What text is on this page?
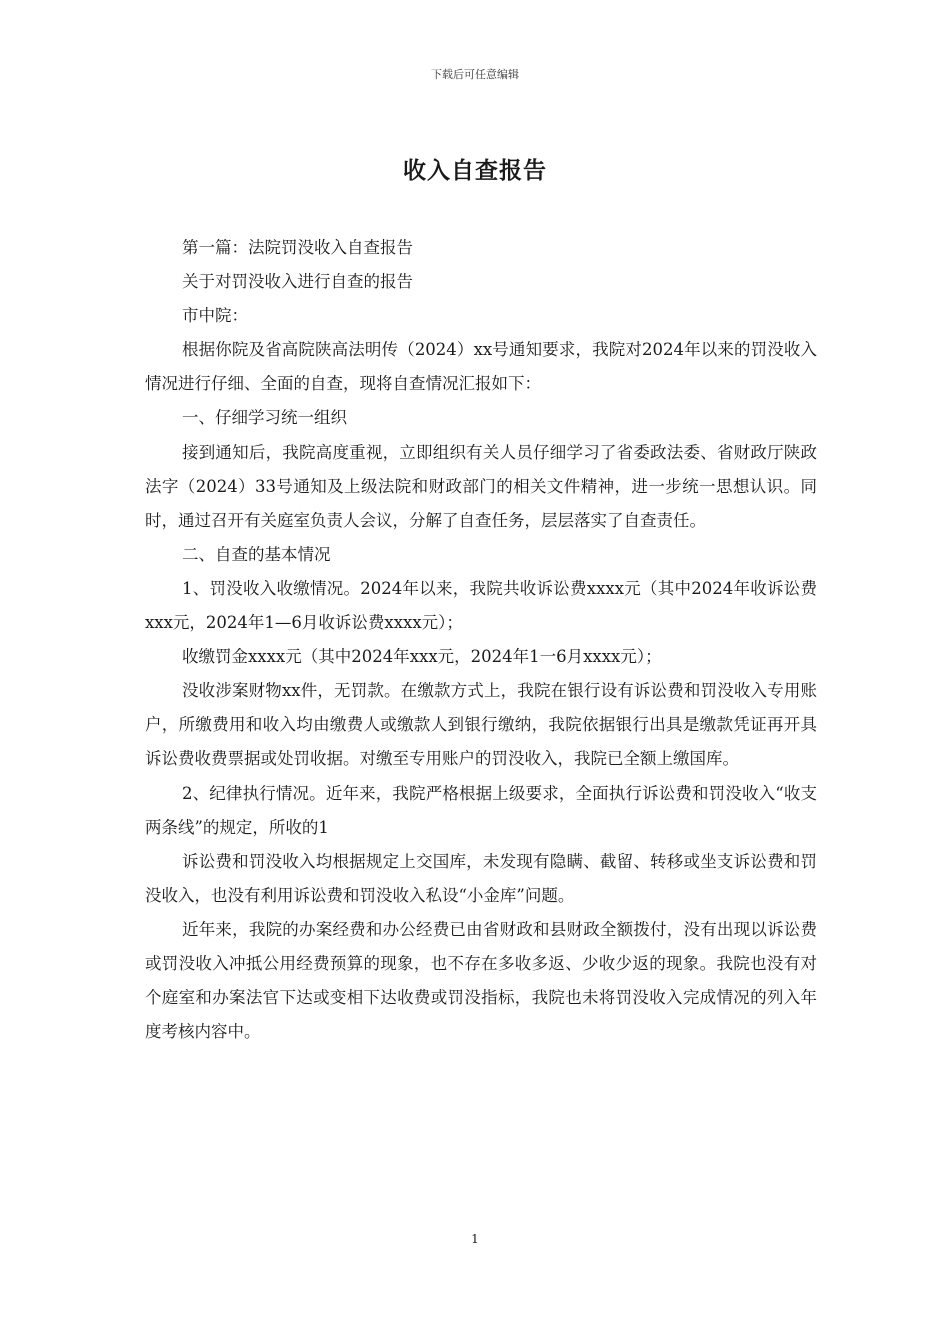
下载后可任意编辑
收入自查报告

第一篇：法院罚没收入自查报告

关于对罚没收入进行自查的报告

市中院：

根据你院及省高院陕高法明传（2024）xx号通知要求，我院对2024年以来的罚没收入情况进行仔细、全面的自查，现将自查情况汇报如下：

一、仔细学习统一组织

接到通知后，我院高度重视，立即组织有关人员仔细学习了省委政法委、省财政厅陕政法字（2024）33号通知及上级法院和财政部门的相关文件精神，进一步统一思想认识。同时，通过召开有关庭室负责人会议，分解了自查任务，层层落实了自查责任。

二、自查的基本情况

1、罚没收入收缴情况。2024年以来，我院共收诉讼费xxxx元（其中2024年收诉讼费xxx元，2024年1—6月收诉讼费xxxx元）；

收缴罚金xxxx元（其中2024年xxx元，2024年1一6月xxxx元）；

没收涉案财物xx件，无罚款。在缴款方式上，我院在银行设有诉讼费和罚没收入专用账户，所缴费用和收入均由缴费人或缴款人到银行缴纳，我院依据银行出具是缴款凭证再开具诉讼费收费票据或处罚收据。对缴至专用账户的罚没收入，我院已全额上缴国库。

2、纪律执行情况。近年来，我院严格根据上级要求，全面执行诉讼费和罚没收入“收支两条线”的规定，所收的1

诉讼费和罚没收入均根据规定上交国库，未发现有隐瞒、截留、转移或坐支诉讼费和罚没收入，也没有利用诉讼费和罚没收入私设“小金库”问题。

近年来，我院的办案经费和办公经费已由省财政和县财政全额拨付，没有出现以诉讼费或罚没收入冲抵公用经费预算的现象，也不存在多收多返、少收少返的现象。我院也没有对个庭室和办案法官下达或变相下达收费或罚没指标，我院也未将罚没收入完成情况的列入年度考核内容中。

1
